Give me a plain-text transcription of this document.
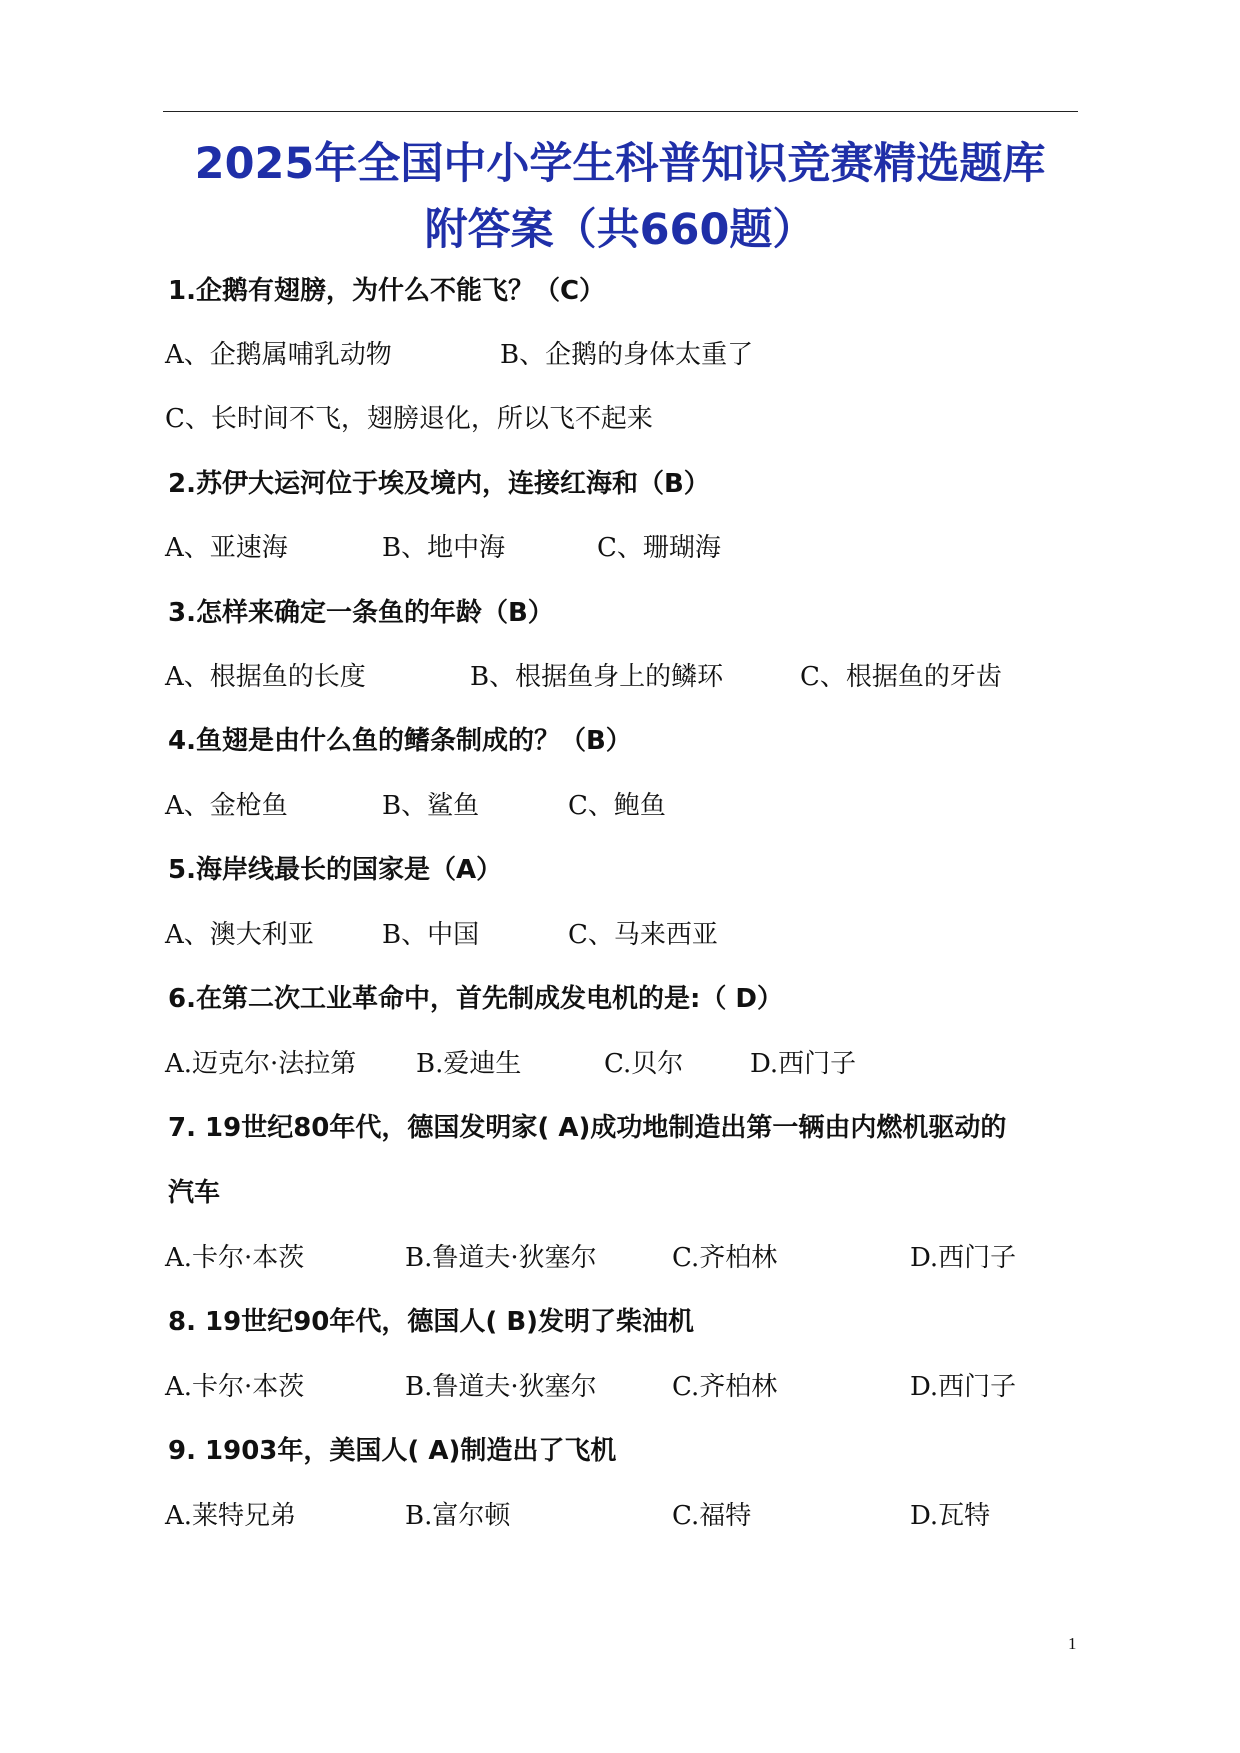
2025年全国中小学生科普知识竞赛精选题库
附答案（共660题）
1.企鹅有翅膀，为什么不能飞？（C）
A、企鹅属哺乳动物	B、企鹅的身体太重了
C、长时间不飞，翅膀退化，所以飞不起来
2.苏伊大运河位于埃及境内，连接红海和（B）
A、亚速海	B、地中海	C、珊瑚海
3.怎样来确定一条鱼的年龄（B）
A、根据鱼的长度	B、根据鱼身上的鳞环	C、根据鱼的牙齿
4.鱼翅是由什么鱼的鳍条制成的？（B）
A、金枪鱼	B、鲨鱼	C、鲍鱼
5.海岸线最长的国家是（A）
A、澳大利亚	B、中国	C、马来西亚
6.在第二次工业革命中，首先制成发电机的是:（ D）
A.迈克尔·法拉第 B.爱迪生	C.贝尔	D.西门子
7. 19世纪80年代，德国发明家( A)成功地制造出第一辆由内燃机驱动的
汽车
A.卡尔·本茨	B.鲁道夫·狄塞尔	C.齐柏林	D.西门子
8. 19世纪90年代，德国人( B)发明了柴油机
A.卡尔·本茨	B.鲁道夫·狄塞尔	C.齐柏林	D.西门子
9. 1903年，美国人( A)制造出了飞机
A.莱特兄弟	B.富尔顿	C.福特	D.瓦特
1
